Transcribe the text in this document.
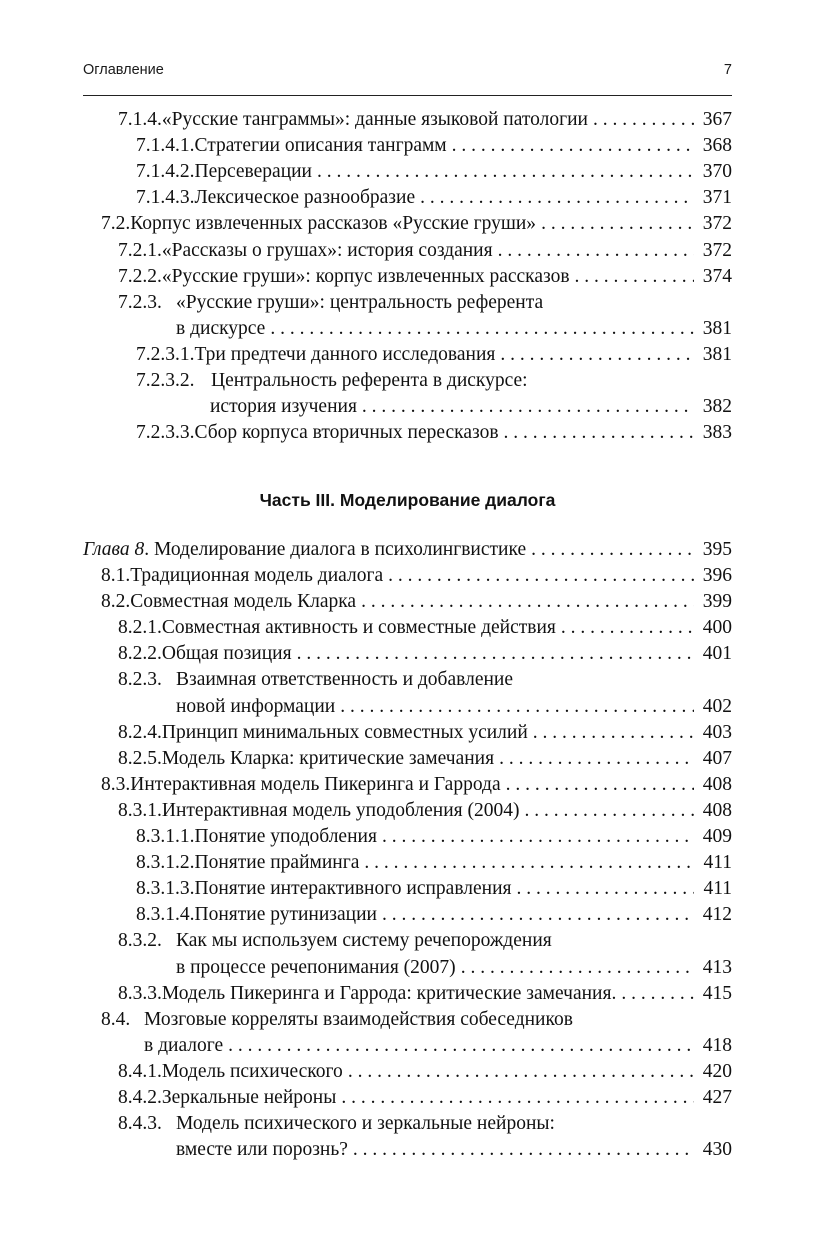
Оглавление	7
7.1.4. «Русские танграммы»: данные языковой патологии . . .	367
7.1.4.1. Стратегии описания танграмм . . .	368
7.1.4.2. Персеверации . . .	370
7.1.4.3. Лексическое разнообразие . . .	371
7.2. Корпус извлеченных рассказов «Русские груши» . . .	372
7.2.1. «Рассказы о грушах»: история создания . . .	372
7.2.2. «Русские груши»: корпус извлеченных рассказов . . .	374
7.2.3. «Русские груши»: центральность референта
в дискурсе . . .	381
7.2.3.1. Три предтечи данного исследования . . .	381
7.2.3.2. Центральность референта в дискурсе:
история изучения . . .	382
7.2.3.3. Сбор корпуса вторичных пересказов . . .	383
Часть III. Моделирование диалога
Глава 8 . Моделирование диалога в психолингвистике . . .	395
8.1. Традиционная модель диалога . . .	396
8.2. Совместная модель Кларка . . .	399
8.2.1. Совместная активность и совместные действия . . .	400
8.2.2. Общая позиция . . .	401
8.2.3. Взаимная ответственность и добавление
новой информации . . .	402
8.2.4. Принцип минимальных совместных усилий . . .	403
8.2.5. Модель Кларка: критические замечания . . .	407
8.3. Интерактивная модель Пикеринга и Гаррода . . .	408
8.3.1. Интерактивная модель уподобления (2004) . . .	408
8.3.1.1. Понятие уподобления . . .	409
8.3.1.2. Понятие прайминга . . .	411
8.3.1.3. Понятие интерактивного исправления . . .	411
8.3.1.4. Понятие рутинизации . . .	412
8.3.2. Как мы используем систему речепорождения
в процессе речепонимания (2007) . . .	413
8.3.3. Модель Пикеринга и Гаррода: критические замечания. . . .	415
8.4. Мозговые корреляты взаимодействия собеседников
в диалоге . . .	418
8.4.1. Модель психического . . .	420
8.4.2. Зеркальные нейроны . . .	427
8.4.3. Модель психического и зеркальные нейроны:
вместе или порознь? . . .	430
